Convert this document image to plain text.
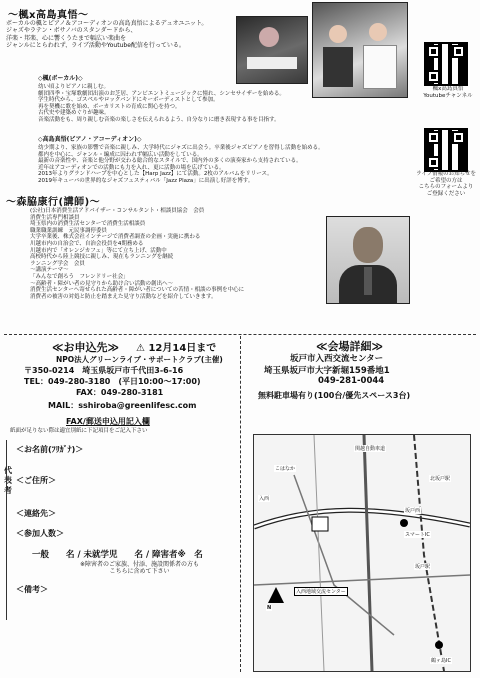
〜楓x高島真悟〜
ボーカルの楓とピアノ＆アコーディオンの高島真悟によるデュオユニット。
ジャズやラテン・ボサノバのスタンダードから、
洋楽・邦楽、心に響くうたまで幅広い楽曲を
ジャンルにとらわれず、ライブ活動やYoutube配信を行っている。
楓x高島真悟
Youtubeチャンネル
◇楓(ボーカル)◇
幼い頃よりピアノに親しむ。
劇団四季・宝塚歌劇団出演のお芝居、アンビエントミュージックに憧れ、シンセサイザーを始める。
学生時代から、ゴスペルやロックバンドにキーボーディストとして参加。
再を契機に歌を始め、ボーカリストの育成に関心を持つ。
古代史や建築めぐりが趣味。
音楽活動をも、周り親しむ音楽の楽しさを伝えられるよう、自分なりに磨き表現する事を目指す。
◇高島真悟(ピアノ・アコーディオン)◇
幼少期より、家族の影響で音楽に親しみ、大学時代にジャズに出会う。卒業後ジャズピアノを習得し活動を始める。
都内を中心に、ジャンル・編成に囚われず幅広い活動をしている。
最新の音楽性や、音楽と他分野が交わる総合的なスタイルで、国内外の多くの演奏家から支持されている。
近年はアコーディオンでの活動にも力を入れ、更に活動の場を広げている。
2013年よりグランドハープを中心とした【Harp Jazz】にて活動。2枚のアルバムをリリース。
2019年キューバの世界的なジャズフェスティバル「Jazz Plaza」に出演し好評を博す。
ライブ情報のお知らせを
ご希望の方は
こちらのフォームより
ご登録ください
〜森脇康行(講師)〜
(公社)日本消費生活アドバイザー・コンサルタント・相談員協会　会員
消費生活専門相談員
埼玉県内の消費生活センターで消費生活相談員
職業職業訓練　元民事調停委員
大学卒業後、株式会社インテージで消費者調査の企画・実施に携わる
川越市内の自治会で、自治会役員を4期務める
川越市内で「オレンジカフェ」等にて立ち上げ、活動中
高校時代から陸上競技に親しみ、現在もランニングを継続
ランニング学会　会員
～講演テーマ～
「みんなで創ろう　フレンドリー社会」
～高齢者・障がい者の見守りから助け合い活動の創出へ～
消費生活センターへ寄せられた高齢者・障がい者についての苦情・相談の事例を中心に
消費者の被害の対処と防止を踏まえた見守り活動などを紹介していきます。
≪お申込先≫ ⚠ 12月14日まで
NPO法人グリーンライブ・サポートクラブ(主催)
〒350-0214　埼玉県坂戸市千代田3-6-16
TEL：049-280-3180　(平日10:00～17:00)
FAX：049-280-3181
MAIL：sshiroba@greenlifesc.com
FAX/郵送申込用記入欄
紙面が足りない際は適宜別紙に下記項目をご記入下さい
＜お名前(ﾌﾘｶﾞﾅ)＞
代表者
＜ご住所＞
＜連絡先＞
＜参加人数＞
一般　　名 / 未就学児　　名 / 障害者※　名
※障害者のご家族、付添、施設関係者の方も
こちらに含めて下さい
＜備考＞
≪会場詳細≫
坂戸市入西交流センター
埼玉県坂戸市大字新堀159番地1
049-281-0044
無料駐車場有り(100台/優先スペース3台)
関越自動車道
坂戸西
スマートIC
入西地域交流センター
入西
坂戸駅
北坂戸駅
鶴ヶ島IC
こはなか
N
